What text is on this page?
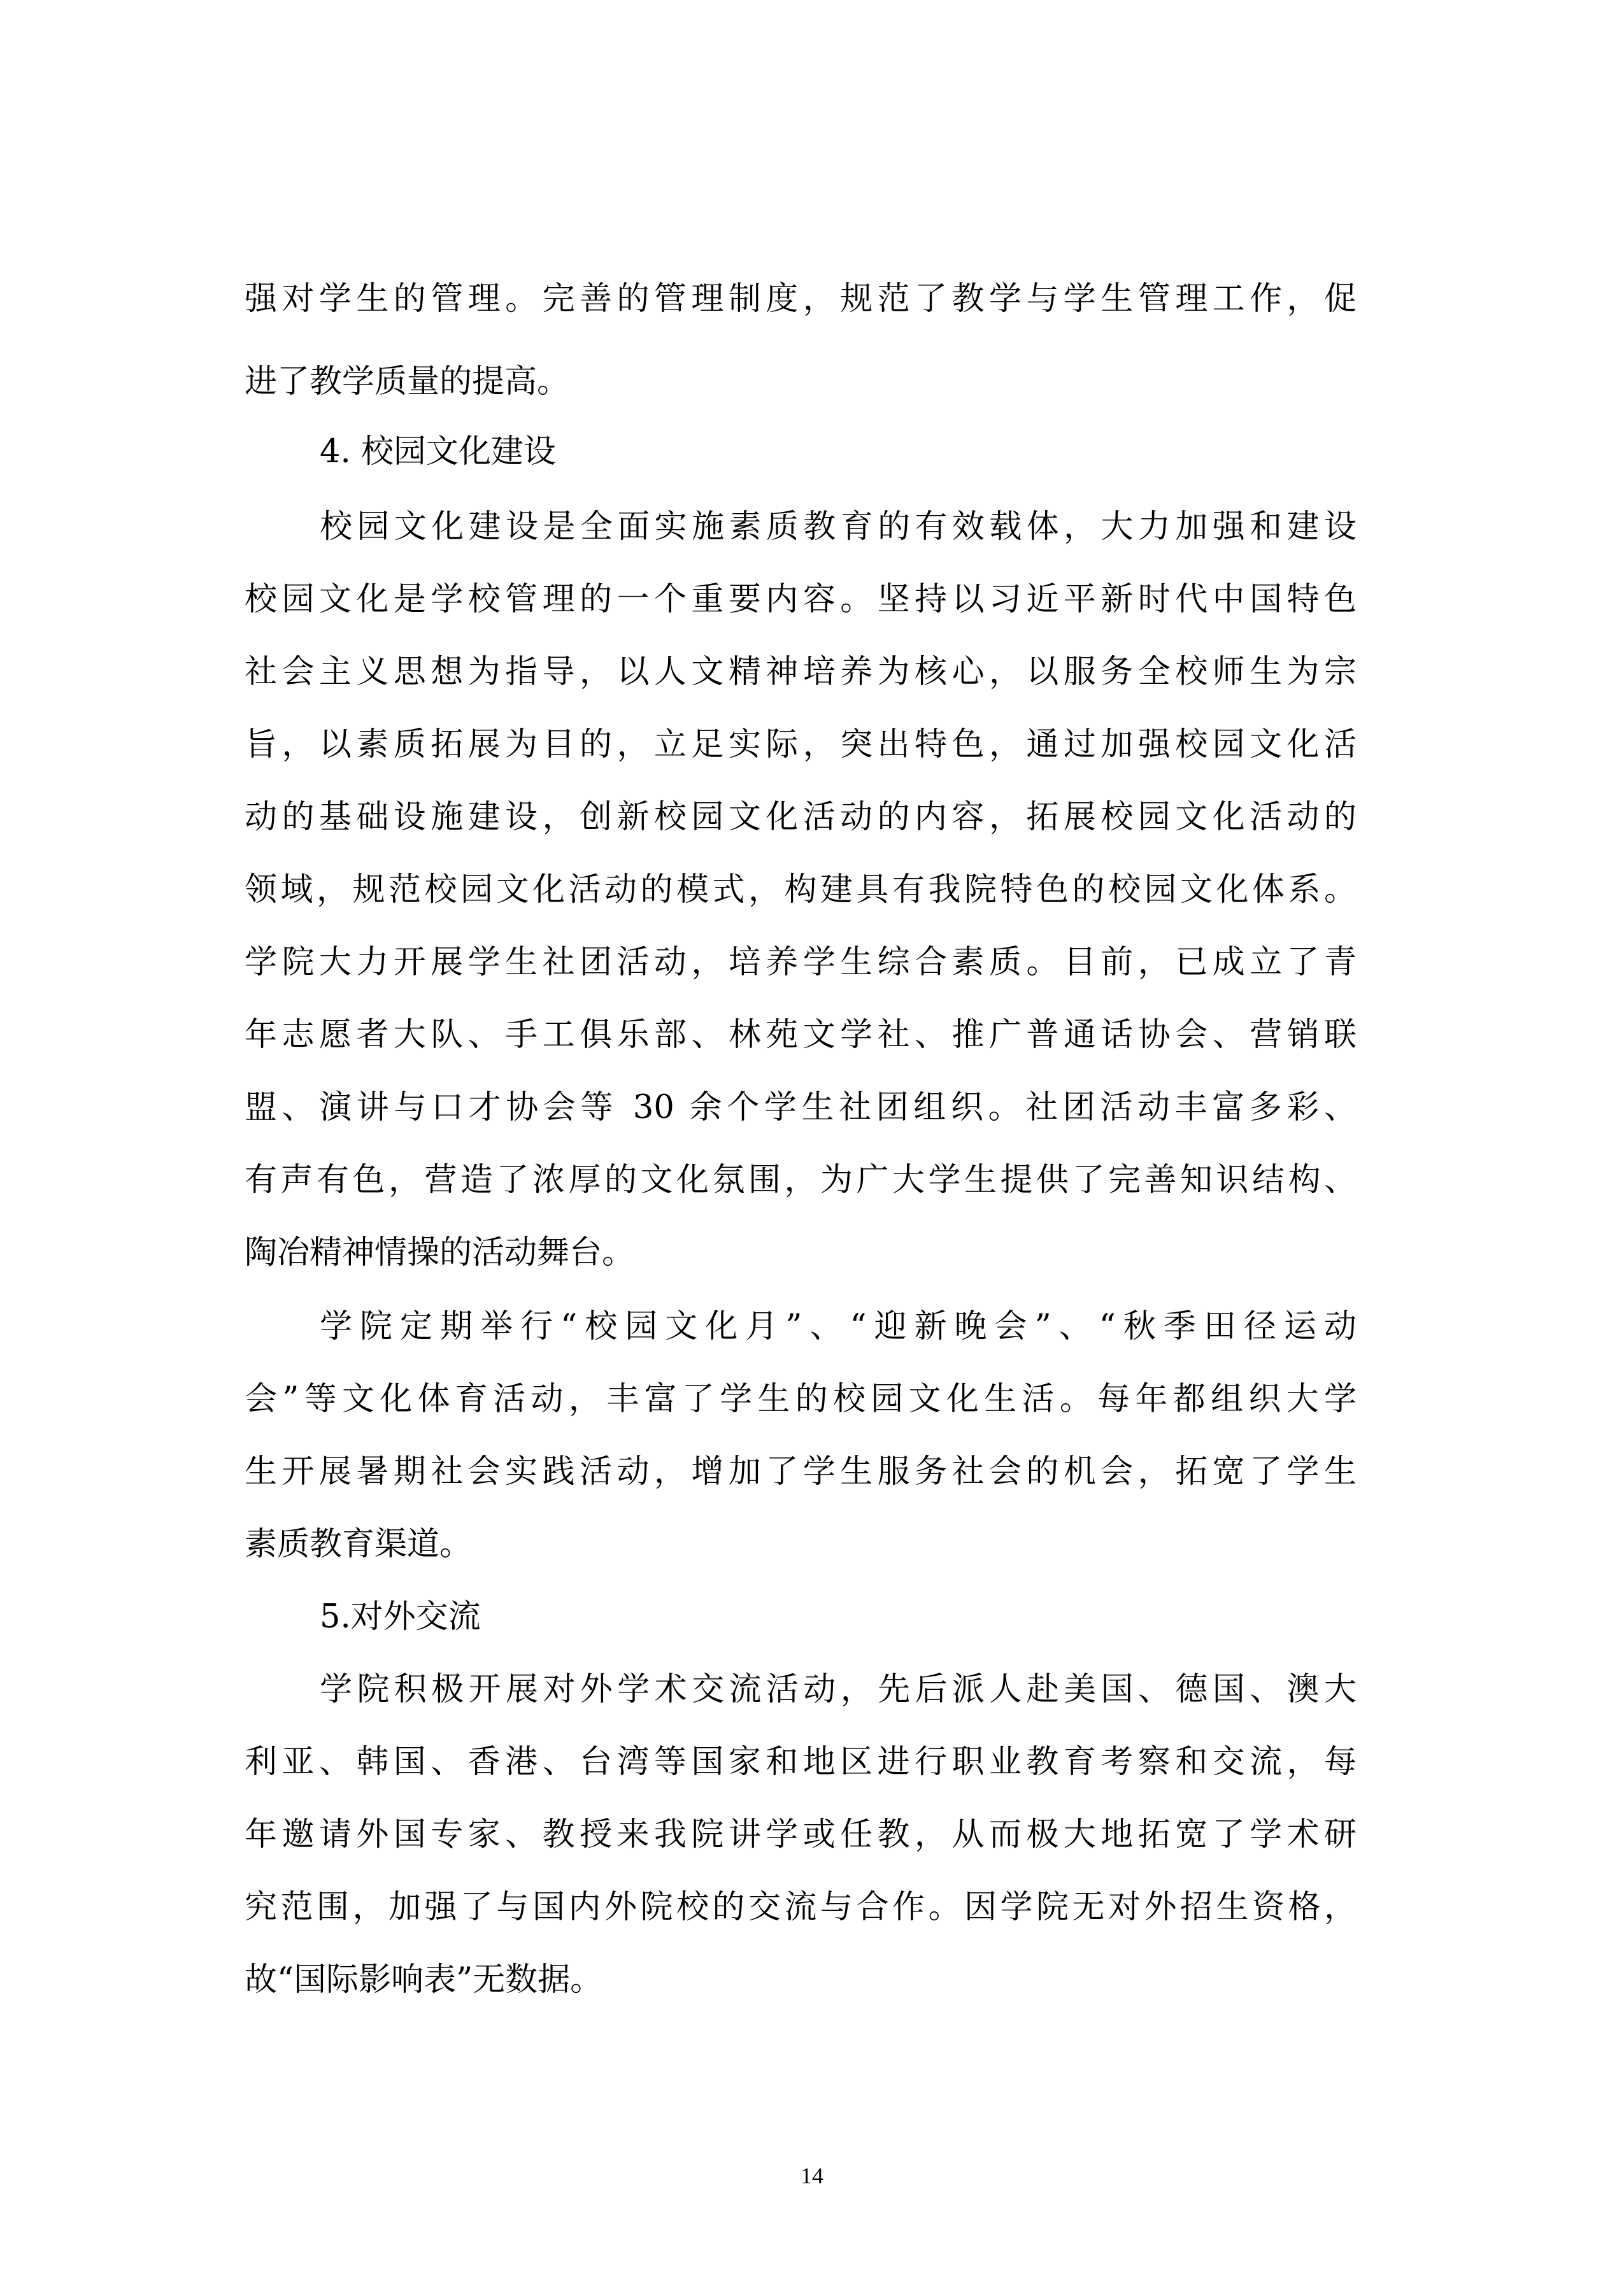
强对学生的管理。完善的管理制度，规范了教学与学生管理工作，促
进了教学质量的提高。
4. 校园文化建设
校园文化建设是全面实施素质教育的有效载体，大力加强和建设
校园文化是学校管理的一个重要内容。坚持以习近平新时代中国特色
社会主义思想为指导，以人文精神培养为核心，以服务全校师生为宗
旨，以素质拓展为目的，立足实际，突出特色，通过加强校园文化活
动的基础设施建设，创新校园文化活动的内容，拓展校园文化活动的
领域，规范校园文化活动的模式，构建具有我院特色的校园文化体系。
学院大力开展学生社团活动，培养学生综合素质。目前，已成立了青
年志愿者大队、手工俱乐部、林苑文学社、推广普通话协会、营销联
盟、演讲与口才协会等 30 余个学生社团组织。社团活动丰富多彩、
有声有色，营造了浓厚的文化氛围，为广大学生提供了完善知识结构、
陶冶精神情操的活动舞台。
学院定期举行“校园文化月”、“迎新晚会”、“秋季田径运动
会”等文化体育活动，丰富了学生的校园文化生活。每年都组织大学
生开展暑期社会实践活动，增加了学生服务社会的机会，拓宽了学生
素质教育渠道。
5.对外交流
学院积极开展对外学术交流活动，先后派人赴美国、德国、澳大
利亚、韩国、香港、台湾等国家和地区进行职业教育考察和交流，每
年邀请外国专家、教授来我院讲学或任教，从而极大地拓宽了学术研
究范围，加强了与国内外院校的交流与合作。因学院无对外招生资格，
故“国际影响表”无数据。
14
